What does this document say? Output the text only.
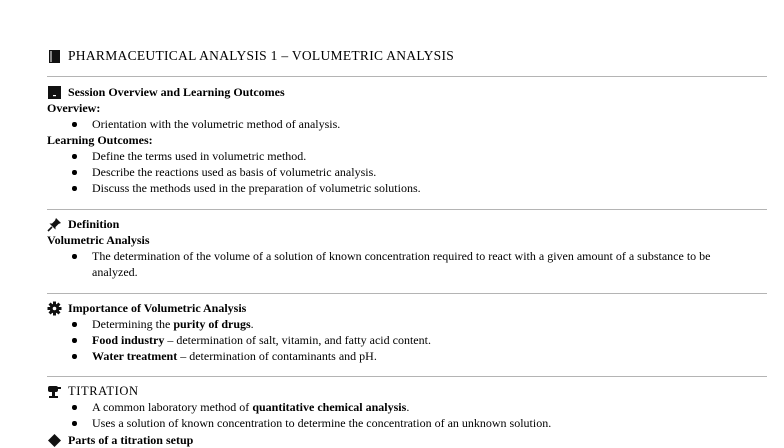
PHARMACEUTICAL ANALYSIS 1 – VOLUMETRIC ANALYSIS
Session Overview and Learning Outcomes
Overview:
Orientation with the volumetric method of analysis.
Learning Outcomes:
Define the terms used in volumetric method.
Describe the reactions used as basis of volumetric analysis.
Discuss the methods used in the preparation of volumetric solutions.
Definition
Volumetric Analysis
The determination of the volume of a solution of known concentration required to react with a given amount of a substance to be analyzed.
Importance of Volumetric Analysis
Determining the purity of drugs.
Food industry – determination of salt, vitamin, and fatty acid content.
Water treatment – determination of contaminants and pH.
TITRATION
A common laboratory method of quantitative chemical analysis.
Uses a solution of known concentration to determine the concentration of an unknown solution.
Parts of a titration setup
